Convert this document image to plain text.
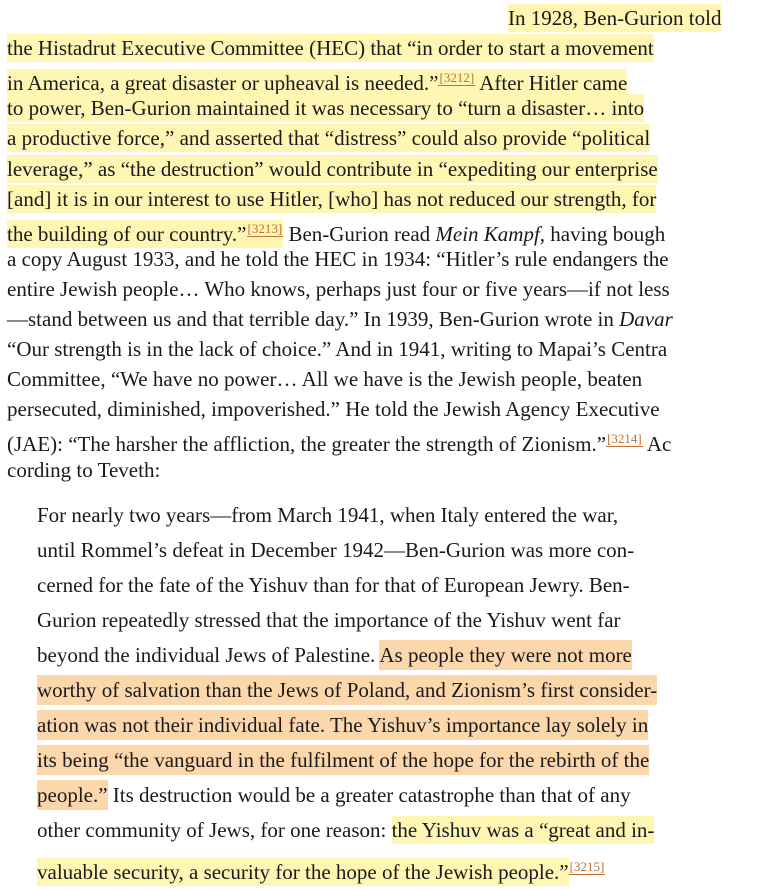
In 1928, Ben-Gurion told
the Histadrut Executive Committee (HEC) that “in order to start a movement
in America, a great disaster or upheaval is needed.”[3212] After Hitler came
to power, Ben-Gurion maintained it was necessary to “turn a disaster… into
a productive force,” and asserted that “distress” could also provide “political
leverage,” as “the destruction” would contribute in “expediting our enterprise
[and] it is in our interest to use Hitler, [who] has not reduced our strength, for
the building of our country.”[3213] Ben-Gurion read Mein Kampf, having bough
a copy August 1933, and he told the HEC in 1934: “Hitler’s rule endangers the
entire Jewish people… Who knows, perhaps just four or five years—if not less
—stand between us and that terrible day.” In 1939, Ben-Gurion wrote in Davar
“Our strength is in the lack of choice.” And in 1941, writing to Mapai’s Centra
Committee, “We have no power… All we have is the Jewish people, beaten
persecuted, diminished, impoverished.” He told the Jewish Agency Executive
(JAE): “The harsher the affliction, the greater the strength of Zionism.”[3214] Ac
cording to Teveth:
For nearly two years—from March 1941, when Italy entered the war,
until Rommel’s defeat in December 1942—Ben-Gurion was more con-
cerned for the fate of the Yishuv than for that of European Jewry. Ben-
Gurion repeatedly stressed that the importance of the Yishuv went far
beyond the individual Jews of Palestine. As people they were not more
worthy of salvation than the Jews of Poland, and Zionism’s first consider-
ation was not their individual fate. The Yishuv’s importance lay solely in
its being “the vanguard in the fulfilment of the hope for the rebirth of the
people.” Its destruction would be a greater catastrophe than that of any
other community of Jews, for one reason: the Yishuv was a “great and in-
valuable security, a security for the hope of the Jewish people.”[3215]
